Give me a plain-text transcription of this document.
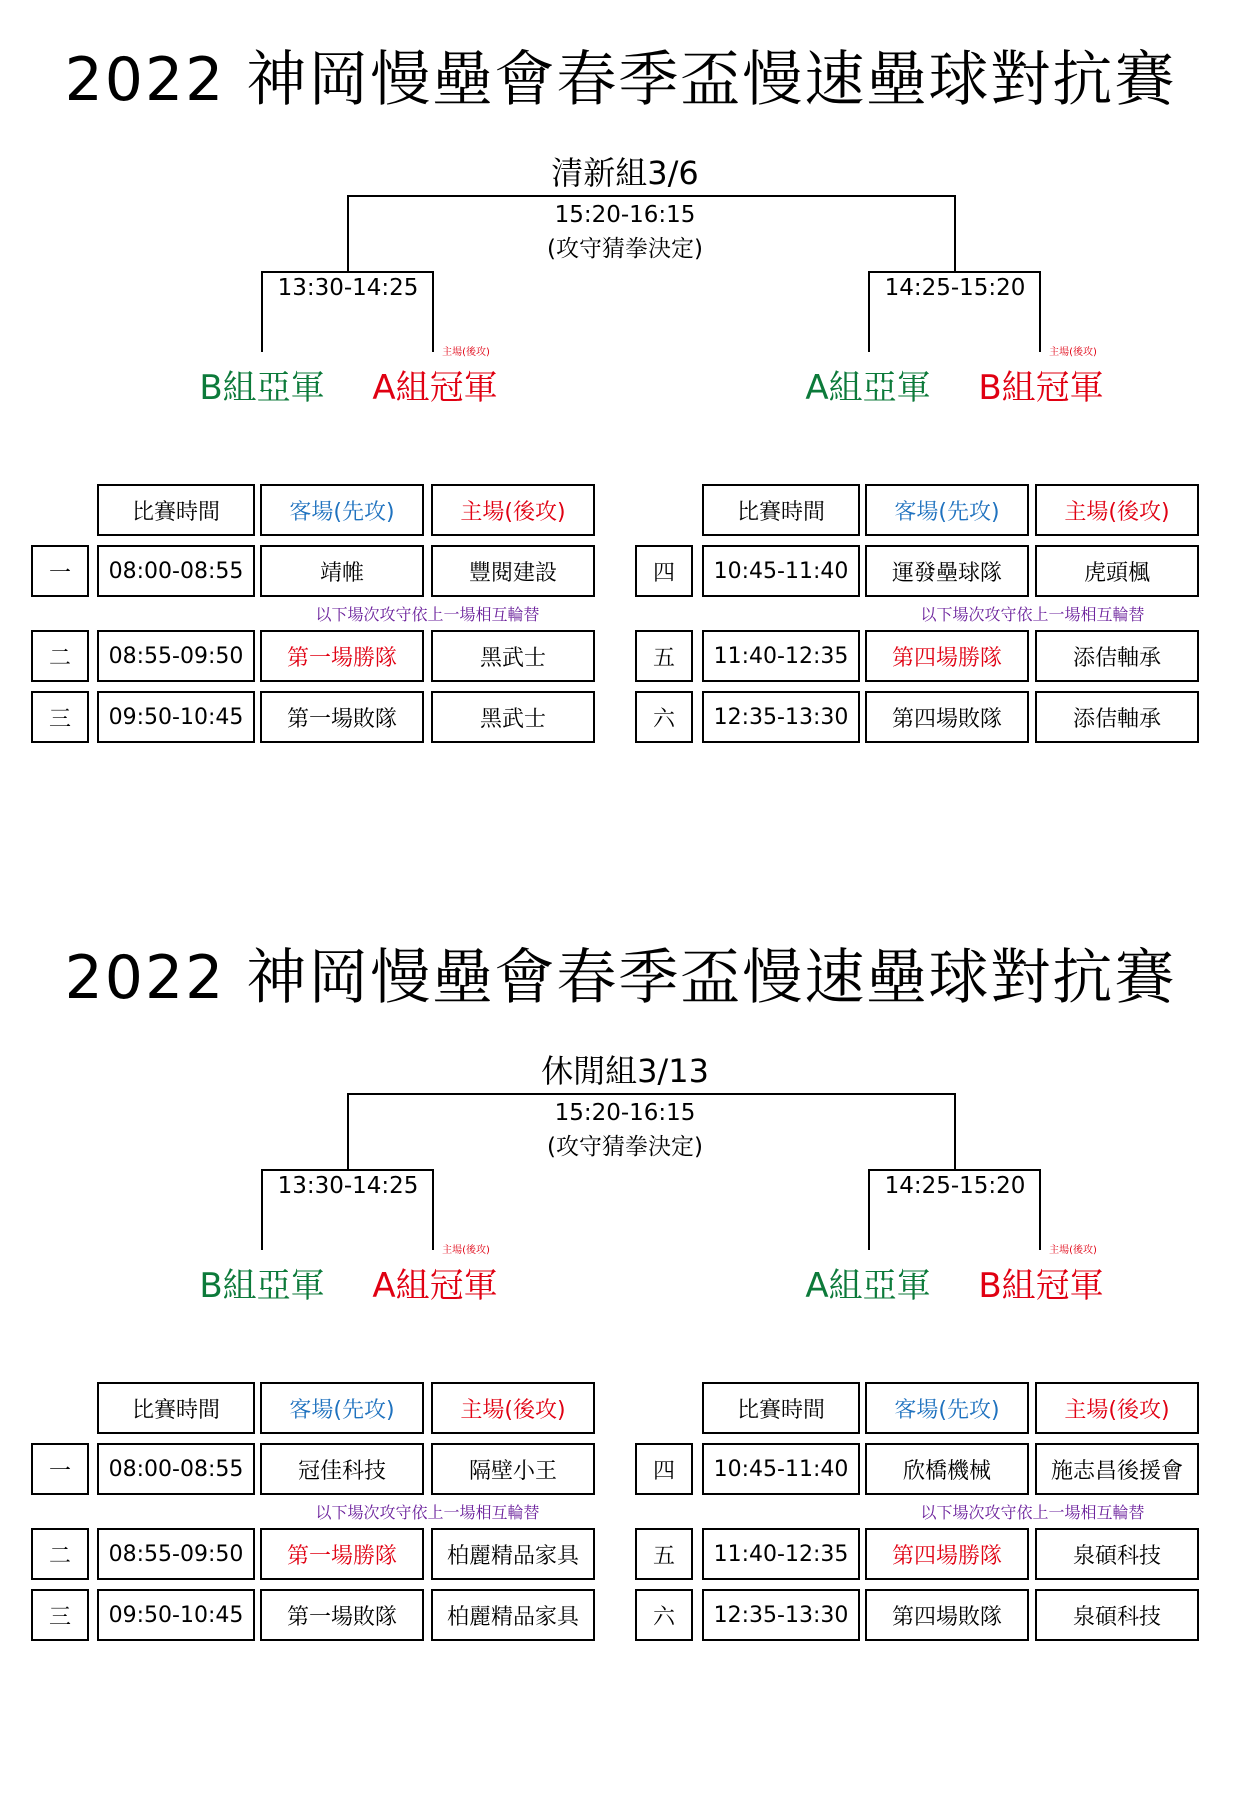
2022 神岡慢壘會春季盃慢速壘球對抗賽
清新組3/6
15:20-16:15
(攻守猜拳決定)
13:30-14:25	14:25-15:20
主場(後攻)	主場(後攻)
B組亞軍	A組冠軍	A組亞軍	B組冠軍
比賽時間	客場(先攻)	主場(後攻)
一	08:00-08:55	靖帷	豐閱建設
以下場次攻守依上一場相互輪替
二	08:55-09:50	第一場勝隊	黑武士
三	09:50-10:45	第一場敗隊	黑武士
比賽時間	客場(先攻)	主場(後攻)
四	10:45-11:40	運發壘球隊	虎頭楓
以下場次攻守依上一場相互輪替
五	11:40-12:35	第四場勝隊	添佶軸承
六	12:35-13:30	第四場敗隊	添佶軸承
2022 神岡慢壘會春季盃慢速壘球對抗賽
休閒組3/13
15:20-16:15
(攻守猜拳決定)
13:30-14:25	14:25-15:20
主場(後攻)	主場(後攻)
B組亞軍	A組冠軍	A組亞軍	B組冠軍
比賽時間	客場(先攻)	主場(後攻)
一	08:00-08:55	冠佳科技	隔壁小王
以下場次攻守依上一場相互輪替
二	08:55-09:50	第一場勝隊	柏麗精品家具
三	09:50-10:45	第一場敗隊	柏麗精品家具
比賽時間	客場(先攻)	主場(後攻)
四	10:45-11:40	欣橋機械	施志昌後援會
以下場次攻守依上一場相互輪替
五	11:40-12:35	第四場勝隊	泉碩科技
六	12:35-13:30	第四場敗隊	泉碩科技
